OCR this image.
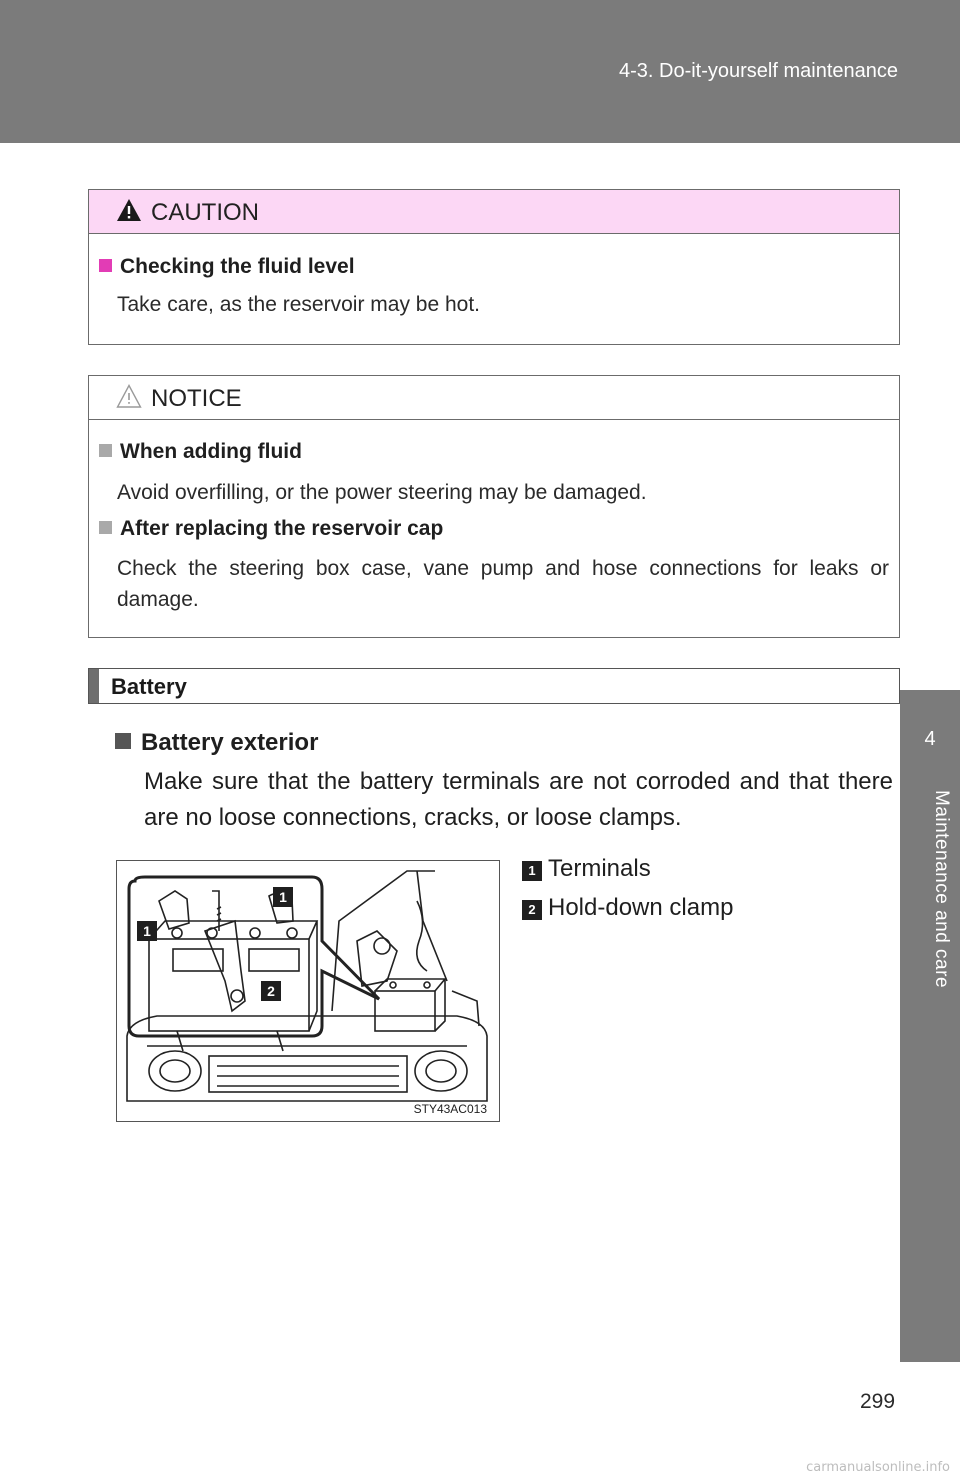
4-3. Do-it-yourself maintenance
4
Maintenance and care
CAUTION
Checking the fluid level
Take care, as the reservoir may be hot.
NOTICE
When adding fluid
Avoid overfilling, or the power steering may be damaged.
After replacing the reservoir cap
Check the steering box case, vane pump and hose connections for leaks or damage.
Battery
Battery exterior
Make sure that the battery terminals are not corroded and that there are no loose connections, cracks, or loose clamps.
1
1
2
STY43AC013
1 Terminals
2 Hold-down clamp
299
carmanualsonline.info
